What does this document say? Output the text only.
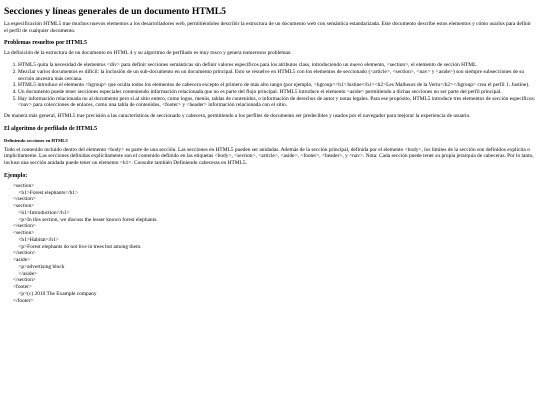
Secciones y líneas generales de un documento HTML5

La especificación HTML5 trae muchos nuevos elementos a los desarrolladores web, permitiéndoles describir la estructura de un documento web con semántica estandarizada. Este documento describe estos elementos y cómo usarlos para definir el perfil de cualquier documento.

Problemas resueltos por HTML5

La definición de la estructura de un documento en HTML 4 y su algoritmo de perfilado es muy tosco y genera numerosos problemas:

1. HTML5 quita la necesidad de elementos <div> para definir secciones semánticas sin definir valores específicos para los atributos class, introduciendo un nuevo elemento, <section>, el elemento de sección HTML.
2. Mezclar varios documentos es difícil: la inclusión de un sub-documento en un documento principal. Esto se resuelve en HTML5 con los elementos de seccionado (<article>, <section>, <nav> y <aside>) son siempre subsecciones de su sección ancestra más cercana.
3. HTML5 introduce el elemento <hgroup> que oculta todos los elementos de cabecera excepto el primero de más alto rango (por ejemplo, <hgroup><h1>Justine</h1><h2>Les Malheurs de la Vertu</h2></hgroup> crea el perfil 1. Justine).
4. Un documento puede tener secciones especiales conteniendo información relacionada que no es parte del flujo principal. HTML5 introduce el elemento <aside> permitiendo a dichas secciones no ser parte del perfil principal.
5. Hay información relacionada no al documento pero sí al sitio entero, como logos, menús, tablas de contenidos, o información de derechos de autor y notas legales. Para ese propósito, HTML5 introduce tres elementos de sección específicos: <nav> para colecciones de enlaces, como una tabla de contenidos, <footer> y <header> información relacionada con el sitio.

De manera más general, HTML5 trae precisión a las características de seccionado y cabecera, permitiendo a los perfiles de documento ser predecibles y usados por el navegador para mejorar la experiencia de usuario.

El algoritmo de perfilado de HTML5
Definiendo secciones en HTML5

Todo el contenido incluido dentro del elemento <body> es parte de una sección. Las secciones en HTML5 pueden ser anidadas. Además de la sección principal, definida por el elemento <body>, los límites de la sección son definidos explícita o implícitamente. Las secciones definidas explícitamente son el contenido definido en las etiquetas <body>, <section>, <article>, <aside>, <footer>, <header>, y <nav>. Nota: Cada sección puede tener su propia jerarquía de cabeceras. Por lo tanto, incluso una sección anidada puede tener un elemento <h1>. Consulte también Definiendo cabeceras en HTML5.

Ejemplo:
<section>
<h1>Forest elephants</h1>
</section>
<section>
<h1>Introduction</h1>
<p>In this section, we discuss the lesser known forest elephants.
</section>
<section>
<h1>Habitat</h1>
<p>Forest elephants do not live in trees but among them.
</section>
<aside>
<p>advertising block
</aside>
</section>
<footer>
<p>(c) 2010 The Example company
</footer>
